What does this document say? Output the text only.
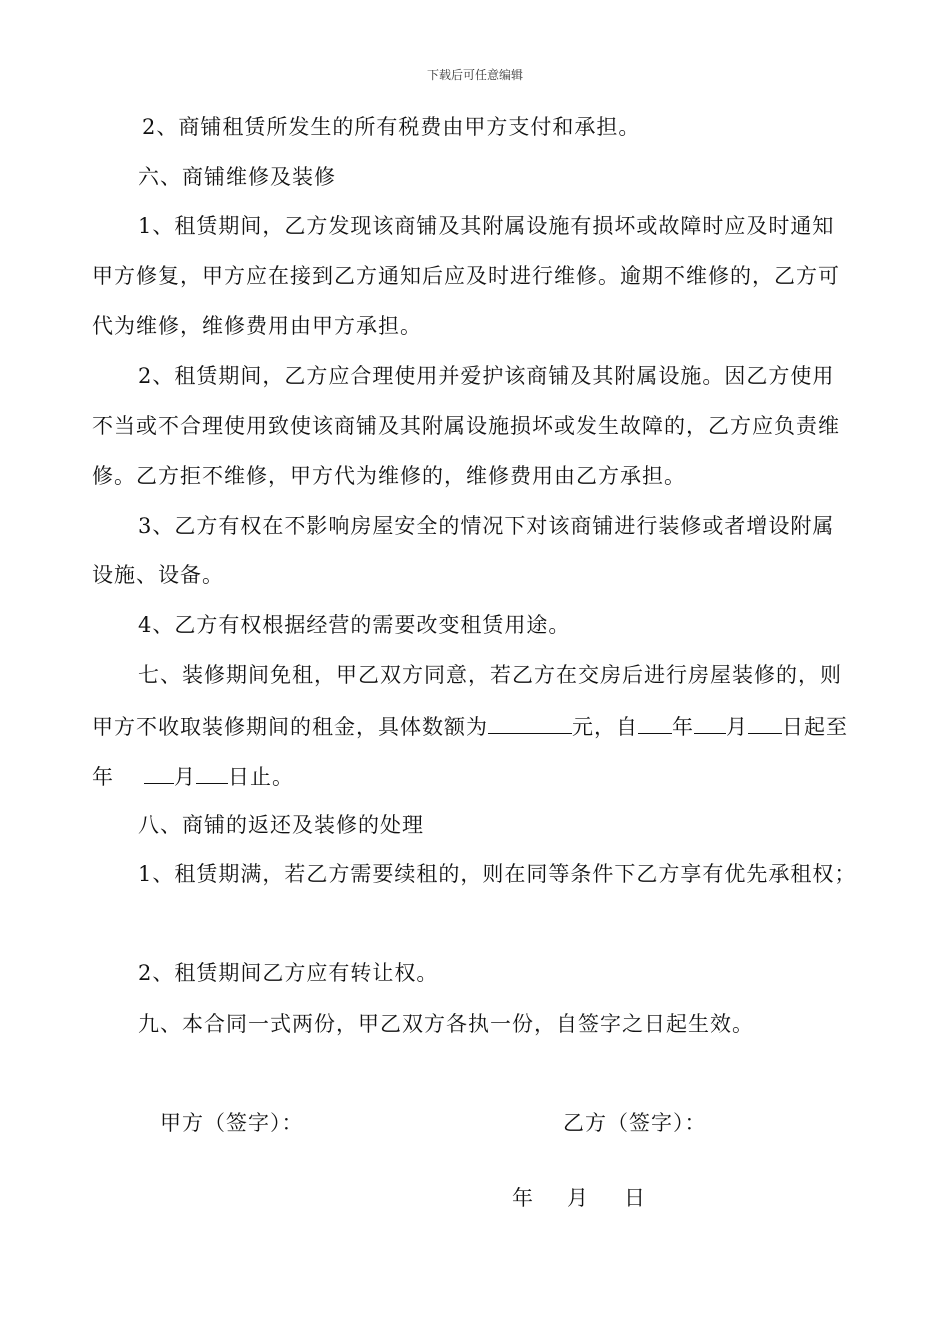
下载后可任意编辑
2、商铺租赁所发生的所有税费由甲方支付和承担。
六、商铺维修及装修
1、租赁期间，乙方发现该商铺及其附属设施有损坏或故障时应及时通知
甲方修复，甲方应在接到乙方通知后应及时进行维修。逾期不维修的，乙方可
代为维修，维修费用由甲方承担。
2、租赁期间，乙方应合理使用并爱护该商铺及其附属设施。因乙方使用
不当或不合理使用致使该商铺及其附属设施损坏或发生故障的，乙方应负责维
修。乙方拒不维修，甲方代为维修的，维修费用由乙方承担。
3、乙方有权在不影响房屋安全的情况下对该商铺进行装修或者增设附属
设施、设备。
4、乙方有权根据经营的需要改变租赁用途。
七、装修期间免租，甲乙双方同意，若乙方在交房后进行房屋装修的，则
甲方不收取装修期间的租金，具体数额为	元，自 年 月 日起至
年	月 日止。
八、商铺的返还及装修的处理
1、租赁期满，若乙方需要续租的，则在同等条件下乙方享有优先承租权；
2、租赁期间乙方应有转让权。
九、本合同一式两份，甲乙双方各执一份，自签字之日起生效。
甲方（签字）：	乙方（签字）：
年 月 日
